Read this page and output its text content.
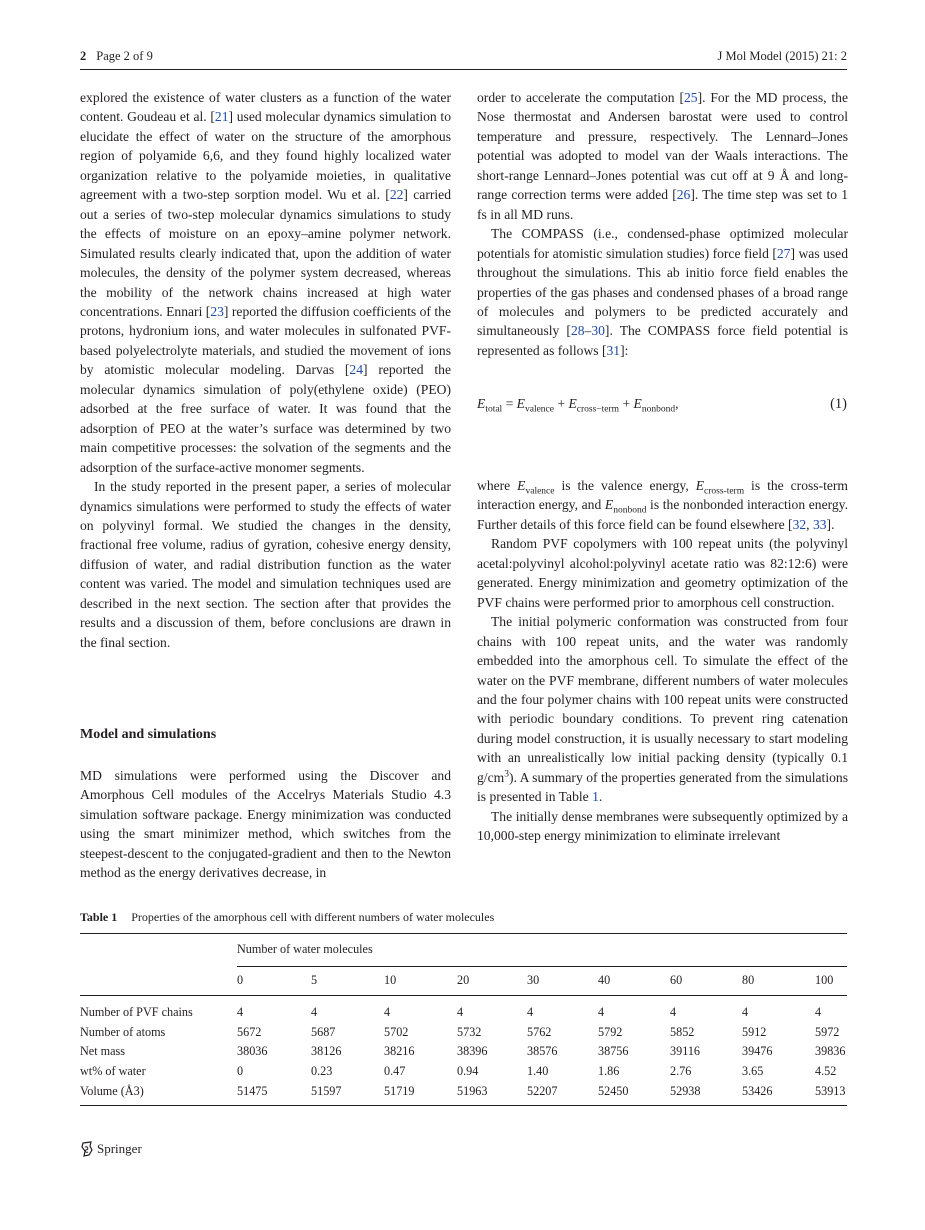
2 Page 2 of 9	J Mol Model (2015) 21: 2

explored the existence of water clusters as a function of the water content. Goudeau et al. [21] used molecular dynamics simulation to elucidate the effect of water on the structure of the amorphous region of polyamide 6,6, and they found highly localized water organization relative to the polyamide moieties, in qualitative agreement with a two-step sorption model. Wu et al. [22] carried out a series of two-step molecular dynamics simulations to study the effects of moisture on an epoxy–amine polymer network. Simulated results clearly indicated that, upon the addition of water molecules, the density of the polymer system decreased, whereas the mobility of the network chains increased at high water concentrations. Ennari [23] reported the diffusion coefficients of the protons, hydronium ions, and water molecules in sulfonated PVF-based polyelectrolyte materials, and studied the movement of ions by atomistic molecular modeling. Darvas [24] reported the molecular dynamics simulation of poly(ethylene oxide) (PEO) adsorbed at the free surface of water. It was found that the adsorption of PEO at the water’s surface was determined by two main competitive processes: the solvation of the segments and the adsorption of the surface-active monomer segments.

In the study reported in the present paper, a series of molecular dynamics simulations were performed to study the effects of water on polyvinyl formal. We studied the changes in the density, fractional free volume, radius of gyration, cohesive energy density, diffusion of water, and radial distribution function as the water content was varied. The model and simulation techniques used are described in the next section. The section after that provides the results and a discussion of them, before conclusions are drawn in the final section.

Model and simulations

MD simulations were performed using the Discover and Amorphous Cell modules of the Accelrys Materials Studio 4.3 simulation software package. Energy minimization was conducted using the smart minimizer method, which switches from the steepest-descent to the conjugated-gradient and then to the Newton method as the energy derivatives decrease, in

order to accelerate the computation [25]. For the MD process, the Nose thermostat and Andersen barostat were used to control temperature and pressure, respectively. The Lennard–Jones potential was adopted to model van der Waals interactions. The short-range Lennard–Jones potential was cut off at 9 Å and long-range correction terms were added [26]. The time step was set to 1 fs in all MD runs.

The COMPASS (i.e., condensed-phase optimized molecular potentials for atomistic simulation studies) force field [27] was used throughout the simulations. This ab initio force field enables the properties of the gas phases and condensed phases of a broad range of molecules and polymers to be predicted accurately and simultaneously [28–30]. The COMPASS force field potential is represented as follows [31]:

$E_{total} = E_{valence} + E_{cross-term} + E_{nonbond}$,	(1)

where $E_{valence}$ is the valence energy, $E_{cross-term}$ is the cross-term interaction energy, and $E_{nonbond}$ is the nonbonded interaction energy. Further details of this force field can be found elsewhere [32, 33].

Random PVF copolymers with 100 repeat units (the polyvinyl acetal:polyvinyl alcohol:polyvinyl acetate ratio was 82:12:6) were generated. Energy minimization and geometry optimization of the PVF chains were performed prior to amorphous cell construction.

The initial polymeric conformation was constructed from four chains with 100 repeat units, and the water was randomly embedded into the amorphous cell. To simulate the effect of the water on the PVF membrane, different numbers of water molecules and the four polymer chains with 100 repeat units were constructed with periodic boundary conditions. To prevent ring catenation during model construction, it is usually necessary to start modeling with an unrealistically low initial packing density (typically 0.1 $g/cm^3$). A summary of the properties generated from the simulations is presented in Table 1.

The initially dense membranes were subsequently optimized by a 10,000-step energy minimization to eliminate irrelevant

Table 1 Properties of the amorphous cell with different numbers of water molecules
	Number of water molecules								
	0	5	10	20	30	40	60	80	100
Number of PVF chains	4	4	4	4	4	4	4	4	4
Number of atoms	5672	5687	5702	5732	5762	5792	5852	5912	5972
Net mass	38036	38126	38216	38396	38576	38756	39116	39476	39836
wt% of water	0	0.23	0.47	0.94	1.40	1.86	2.76	3.65	4.52
Volume (Å3)	51475	51597	51719	51963	52207	52450	52938	53426	53913
Springer
